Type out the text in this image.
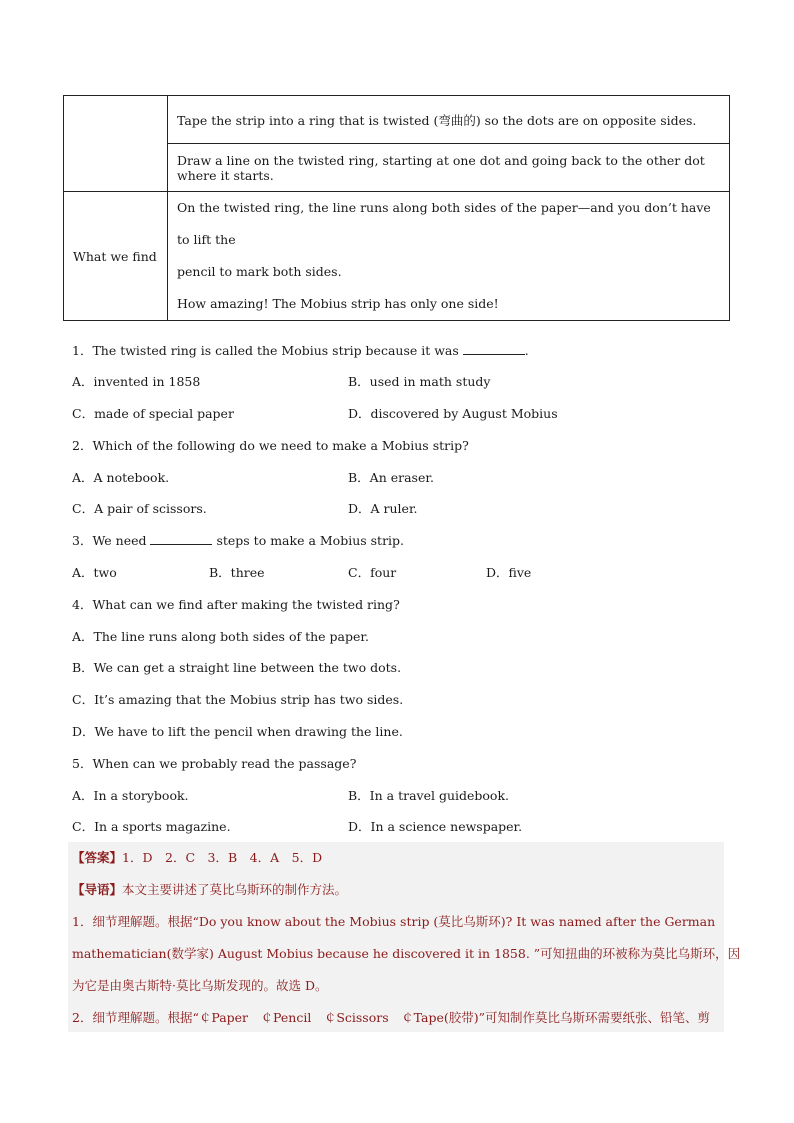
	Tape the strip into a ring that is twisted (弯曲的) so the dots are on opposite sides.
	Draw a line on the twisted ring, starting at one dot and going back to the other dot where it starts.
What we find	On the twisted ring, the line runs along both sides of the paper—and you don’t have to lift the
pencil to mark both sides.
How amazing! The Mobius strip has only one side!
1．The twisted ring is called the Mobius strip because it was	.
A．invented in 1858	B．used in math study
C．made of special paper	D．discovered by August Mobius
2．Which of the following do we need to make a Mobius strip?
A．A notebook.	B．An eraser.
C．A pair of scissors.	D．A ruler.
3．We need	steps to make a Mobius strip.
A．two	B．three	C．four	D．five
4．What can we find after making the twisted ring?
A．The line runs along both sides of the paper.
B．We can get a straight line between the two dots.
C．It’s amazing that the Mobius strip has two sides.
D．We have to lift the pencil when drawing the line.
5．When can we probably read the passage?
A．In a storybook.	B．In a travel guidebook.
C．In a sports magazine.	D．In a science newspaper.
【答案】1．D　2．C　3．B　4．A　5．D
【导语】本文主要讲述了莫比乌斯环的制作方法。
1．细节理解题。根据“Do you know about the Mobius strip (莫比乌斯环)? It was named after the German
mathematician(数学家) August Mobius because he discovered it in 1858. ”可知扭曲的环被称为莫比乌斯环，因
为它是由奥古斯特·莫比乌斯发现的。故选 D。
2．细节理解题。根据“￠Paper　￠Pencil　￠Scissors　￠Tape(胶带)”可知制作莫比乌斯环需要纸张、铅笔、剪
